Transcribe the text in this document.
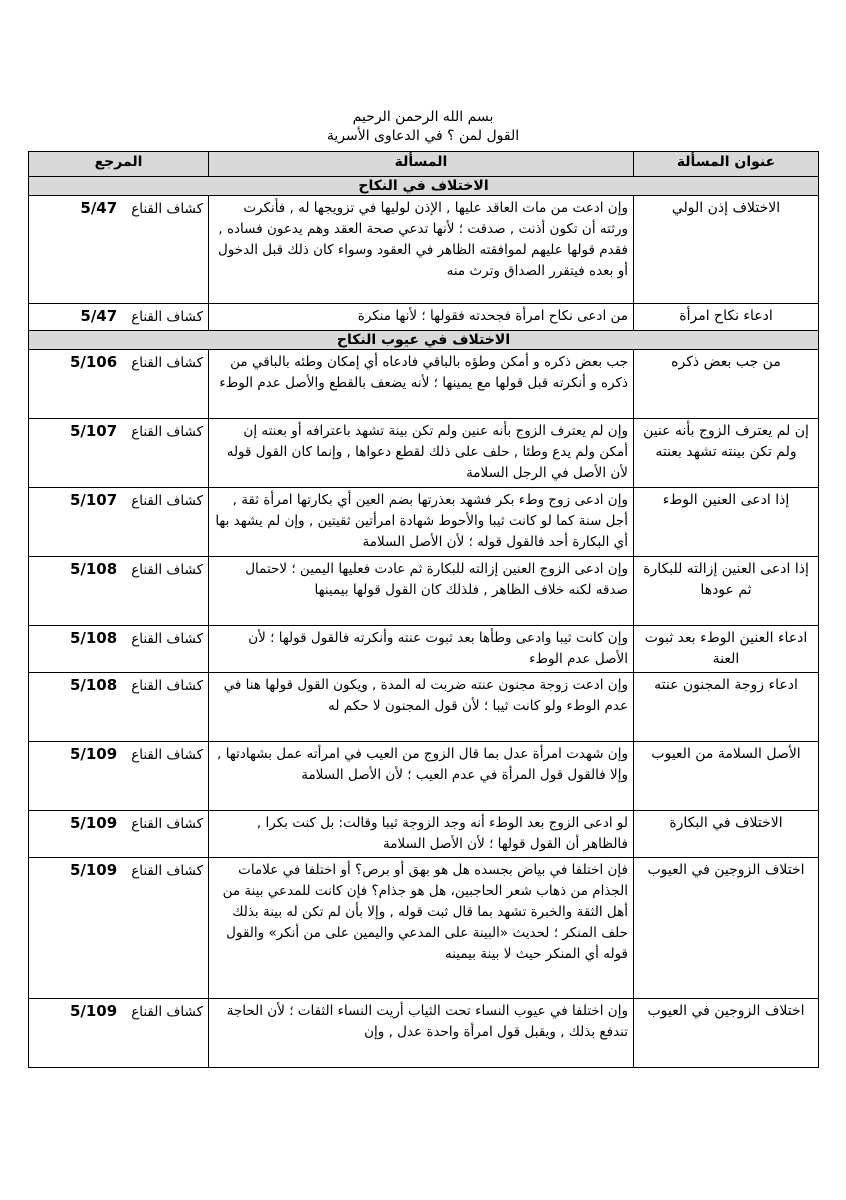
بسم الله الرحمن الرحيم
القول لمن ؟ في الدعاوى الأسرية
عنوان المسألة	المسألة	المرجع
الاختلاف في النكاح		
الاختلاف إذن الولي	وإن ادعت من مات العاقد عليها , الإذن لوليها في تزويجها له , فأنكرت ورثته أن تكون أذنت , صدقت ؛ لأنها تدعي صحة العقد وهم يدعون فساده , فقدم قولها عليهم لموافقته الظاهر في العقود وسواء كان ذلك قبل الدخول أو بعده فيتقرر الصداق وترث منه	كشاف القناع5/47
ادعاء نكاح امرأة	من ادعى نكاح امرأة فجحدته فقولها ؛ لأنها منكرة	كشاف القناع5/47
الاختلاف في عيوب النكاح		
من جب بعض ذكره	جب بعض ذكره و أمكن وطؤه بالباقي فادعاه أي إمكان وطئه بالباقي من ذكره و أنكرته قبل قولها مع يمينها ؛ لأنه يضعف بالقطع والأصل عدم الوطء	كشاف القناع5/106
إن لم يعترف الزوج بأنه عنين ولم تكن بينته تشهد بعنته	وإن لم يعترف الزوج بأنه عنين ولم تكن بينة تشهد باعترافه أو بعنته إن أمكن ولم يدع وطئا , حلف على ذلك لقطع دعواها , وإنما كان القول قوله لأن الأصل في الرجل السلامة	كشاف القناع5/107
إذا ادعى العنين الوطء	وإن ادعى زوج وطء بكر فشهد بعذرتها بضم العين أي بكارتها امرأة ثقة , أجل سنة كما لو كانت ثيبا والأحوط شهادة امرأتين ثقيتين , وإن لم يشهد بها أي البكارة أحد فالقول قوله ؛ لأن الأصل السلامة	كشاف القناع5/107
إذا ادعى العنين إزالته للبكارة ثم عودها	وإن ادعى الزوج العنين إزالته للبكارة ثم عادت فعليها اليمين ؛ لاحتمال صدقه لكنه خلاف الظاهر , فلذلك كان القول قولها بيمينها	كشاف القناع5/108
ادعاء العنين الوطء بعد ثبوت العنة	وإن كانت ثيبا وادعى وطأها بعد ثبوت عنته وأنكرته فالقول قولها ؛ لأن الأصل عدم الوطء	كشاف القناع5/108
ادعاء زوجة المجنون عنته	وإن ادعت زوجة مجنون عنته ضربت له المدة , ويكون القول قولها هنا في عدم الوطء ولو كانت ثيبا ؛ لأن قول المجنون لا حكم له	كشاف القناع5/108
الأصل السلامة من العيوب	وإن شهدت امرأة عدل بما قال الزوج من العيب في امرأته عمل بشهادتها , وإلا فالقول قول المرأة في عدم العيب ؛ لأن الأصل السلامة	كشاف القناع5/109
الاختلاف في البكارة	لو ادعى الزوج بعد الوطء أنه وجد الزوجة ثيبا وقالت: بل كنت بكرا , فالظاهر أن القول قولها ؛ لأن الأصل السلامة	كشاف القناع5/109
اختلاف الزوجين في العيوب	فإن اختلفا في بياض بجسده هل هو بهق أو برص؟ أو اختلفا في علامات الجذام من ذهاب شعر الحاجبين، هل هو جذام؟ فإن كانت للمدعي بينة من أهل الثقة والخبرة تشهد بما قال ثبت قوله , وإلا بأن لم تكن له بينة بذلك حلف المنكر ؛ لحديث «البينة على المدعي واليمين على من أنكر» والقول قوله أي المنكر حيث لا بينة بيمينه	كشاف القناع5/109
اختلاف الزوجين في العيوب	وإن اختلفا في عيوب النساء تحت الثياب أريت النساء الثقات ؛ لأن الحاجة تندفع بذلك , ويقبل قول امرأة واحدة عدل , وإن	كشاف القناع5/109
